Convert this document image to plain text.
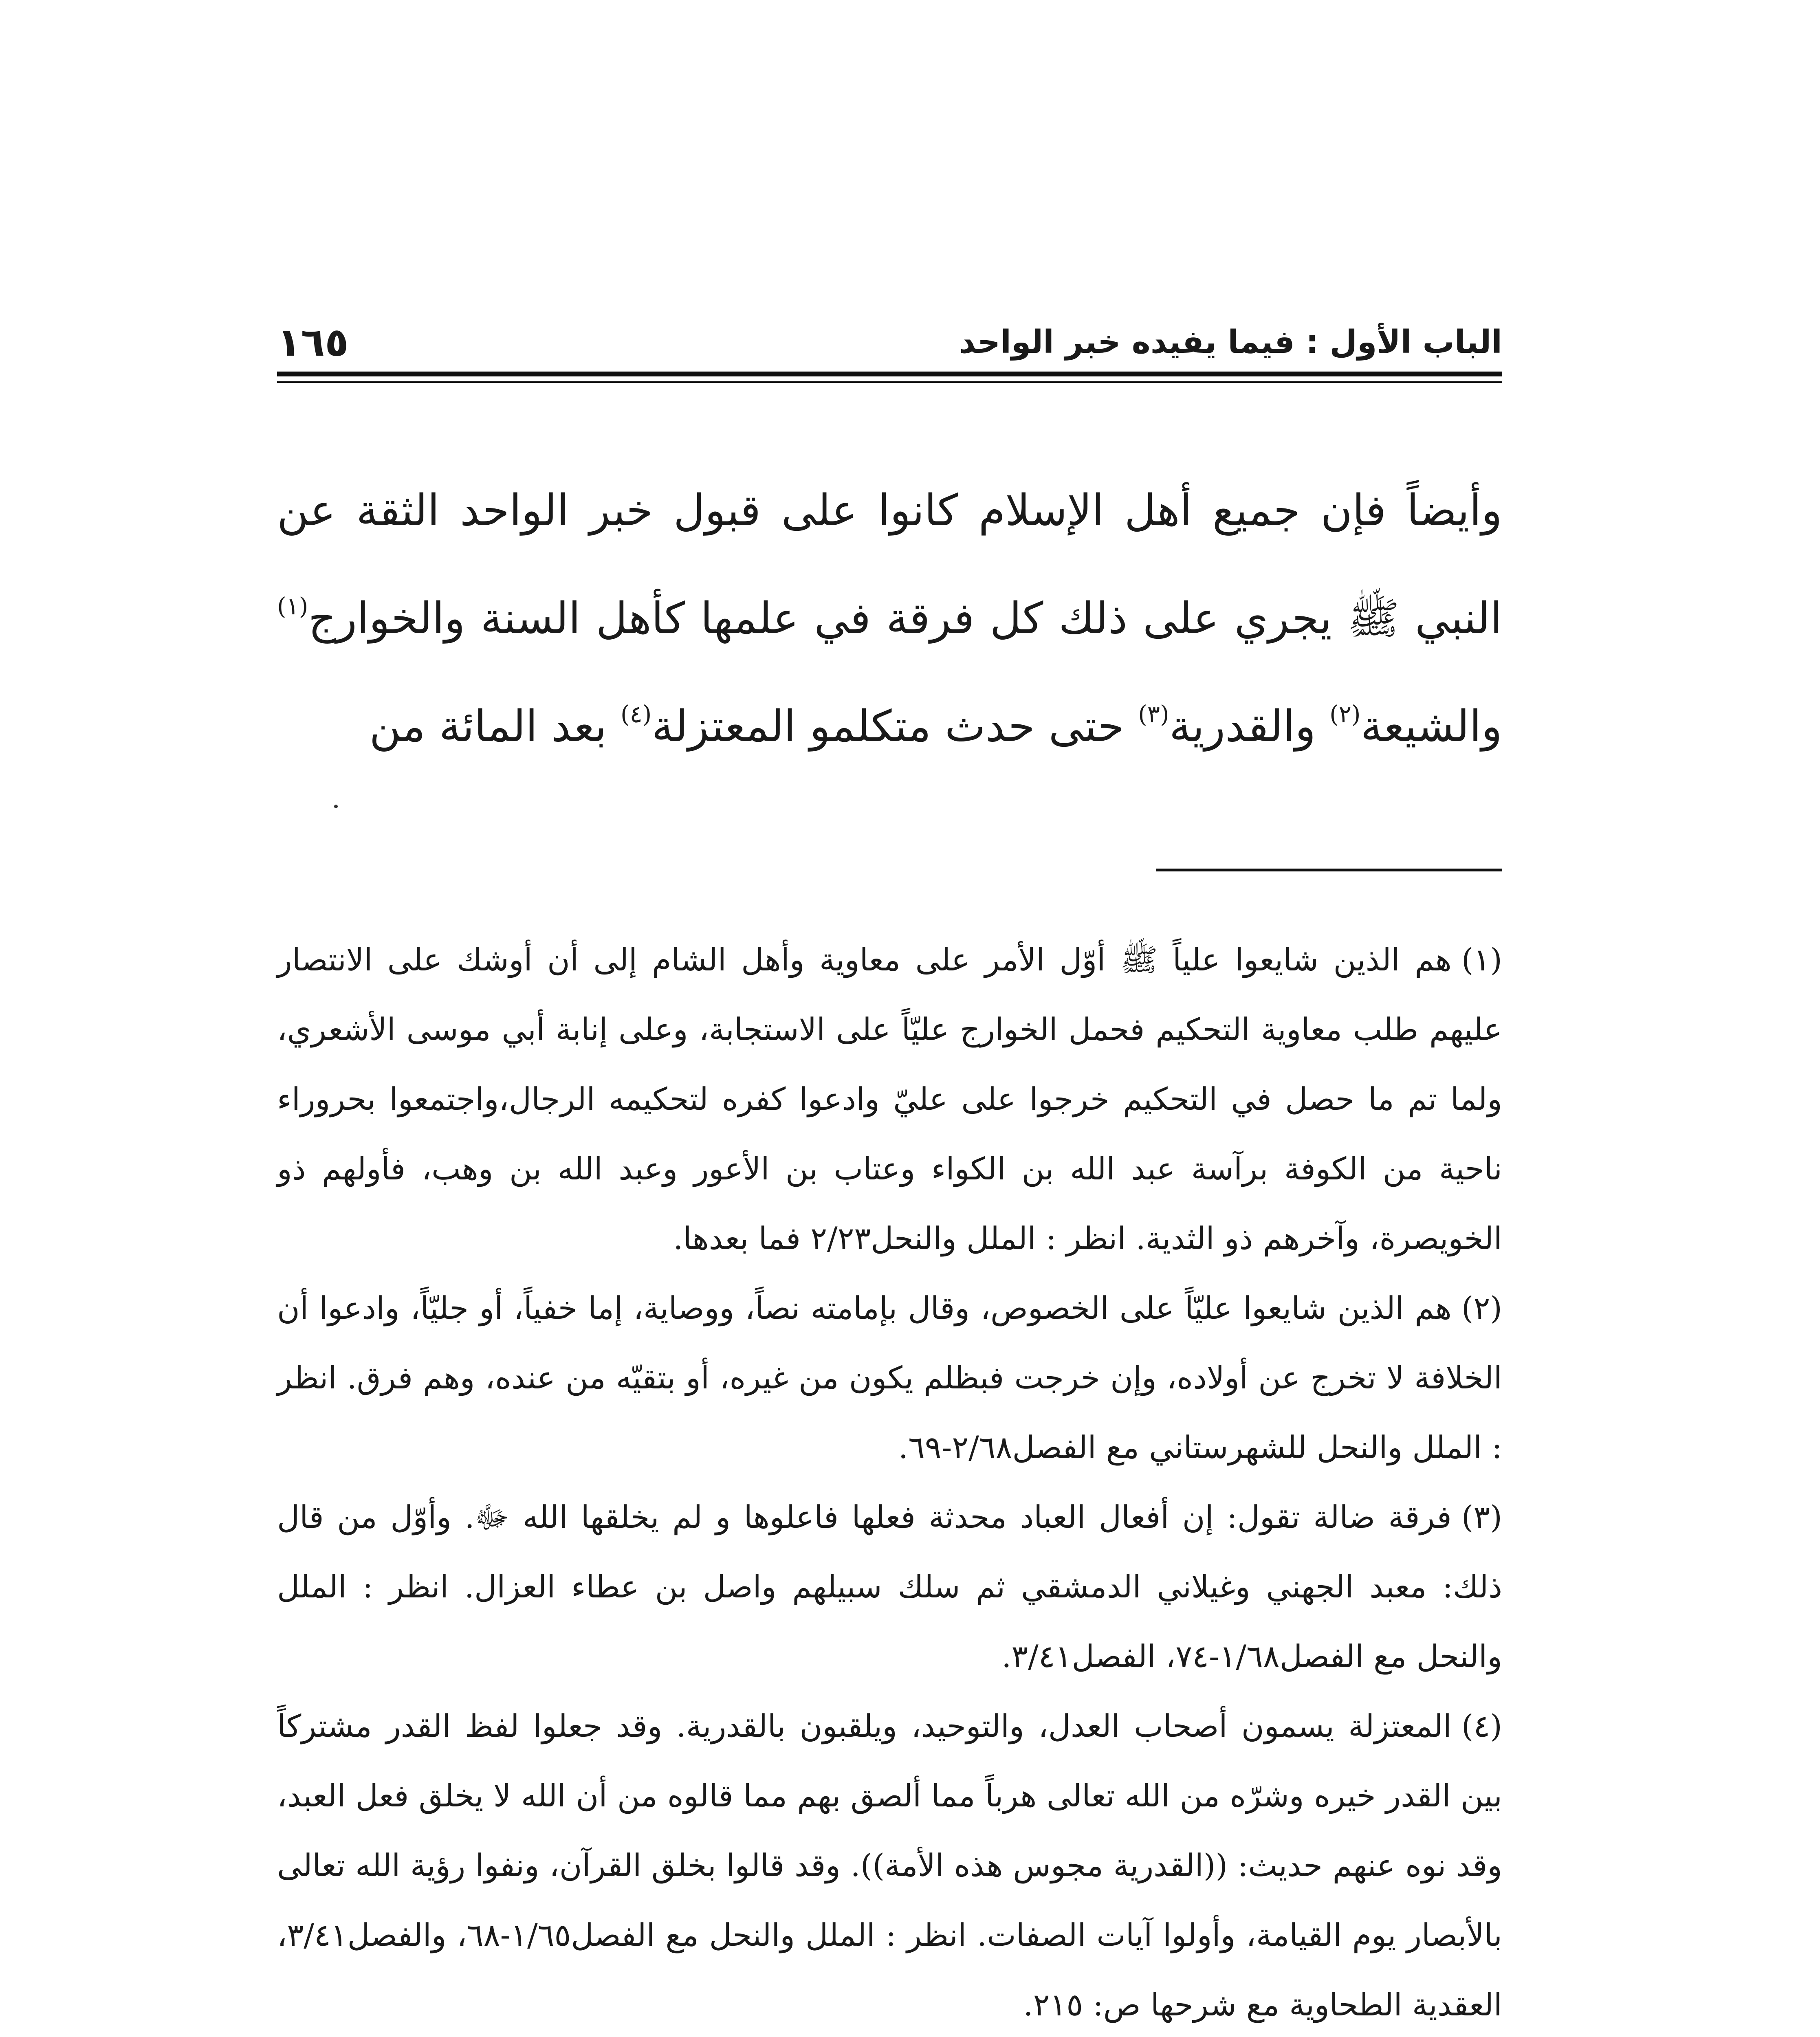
الباب الأول : فيما يفيده خبر الواحد
١٦٥
وأيضاً فإن جميع أهل الإسلام كانوا على قبول خبر الواحد الثقة عن النبي ﷺ يجري على ذلك كل فرقة في علمها كأهل السنة والخوارج$^{(١)}$ والشيعة$^{(٢)}$ والقدرية$^{(٣)}$ حتى حدث متكلمو المعتزلة$^{(٤)}$ بعد المائة من

(١)هم الذين شايعوا علياً ﷺ أوّل الأمر على معاوية وأهل الشام إلى أن أوشك على الانتصار عليهم طلب معاوية التحكيم فحمل الخوارج عليّاً على الاستجابة، وعلى إنابة أبي موسى الأشعري، ولما تم ما حصل في التحكيم خرجوا على عليّ وادعوا كفره لتحكيمه الرجال،واجتمعوا بحروراء ناحية من الكوفة برآسة عبد الله بن الكواء وعتاب بن الأعور وعبد الله بن وهب، فأولهم ذو الخويصرة، وآخرهم ذو الثدية. انظر : الملل والنحل٢/٢٣ فما بعدها.

(٢)هم الذين شايعوا عليّاً على الخصوص، وقال بإمامته نصاً، ووصاية، إما خفياً، أو جليّاً، وادعوا أن الخلافة لا تخرج عن أولاده، وإن خرجت فبظلم يكون من غيره، أو بتقيّه من عنده، وهم فرق. انظر : الملل والنحل للشهرستاني مع الفصل٢/٦٨-٦٩.

(٣)فرقة ضالة تقول: إن أفعال العباد محدثة فعلها فاعلوها و لم يخلقها الله ﷻ. وأوّل من قال ذلك: معبد الجهني وغيلاني الدمشقي ثم سلك سبيلهم واصل بن عطاء العزال. انظر : الملل والنحل مع الفصل١/٦٨-٧٤، الفصل٣/٤١.

(٤)المعتزلة يسمون أصحاب العدل، والتوحيد، ويلقبون بالقدرية. وقد جعلوا لفظ القدر مشتركاً بين القدر خيره وشرّه من الله تعالى هرباً مما ألصق بهم مما قالوه من أن الله لا يخلق فعل العبد، وقد نوه عنهم حديث: ((القدرية مجوس هذه الأمة)). وقد قالوا بخلق القرآن، ونفوا رؤية الله تعالى بالأبصار يوم القيامة، وأولوا آيات الصفات. انظر : الملل والنحل مع الفصل١/٦٥-٦٨، والفصل٣/٤١، العقدية الطحاوية مع شرحها ص: ٢١٥.
